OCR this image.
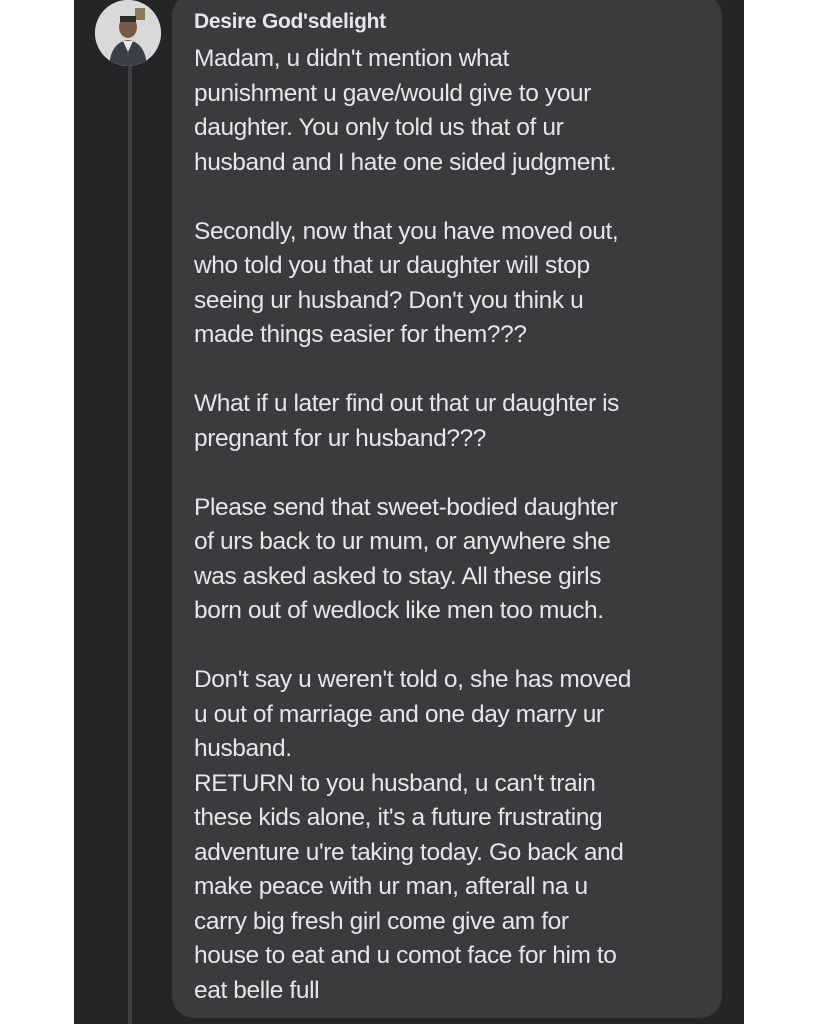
Desire God'sdelight
Madam, u didn't mention what
punishment u gave/would give to your
daughter. You only told us that of ur
husband and I hate one sided judgment.
Secondly, now that you have moved out,
who told you that ur daughter will stop
seeing ur husband? Don't you think u
made things easier for them???
What if u later find out that ur daughter is
pregnant for ur husband???
Please send that sweet-bodied daughter
of urs back to ur mum, or anywhere she
was asked asked to stay. All these girls
born out of wedlock like men too much.
Don't say u weren't told o, she has moved
u out of marriage and one day marry ur
husband.
RETURN to you husband, u can't train
these kids alone, it's a future frustrating
adventure u're taking today. Go back and
make peace with ur man, afterall na u
carry big fresh girl come give am for
house to eat and u comot face for him to
eat belle full
